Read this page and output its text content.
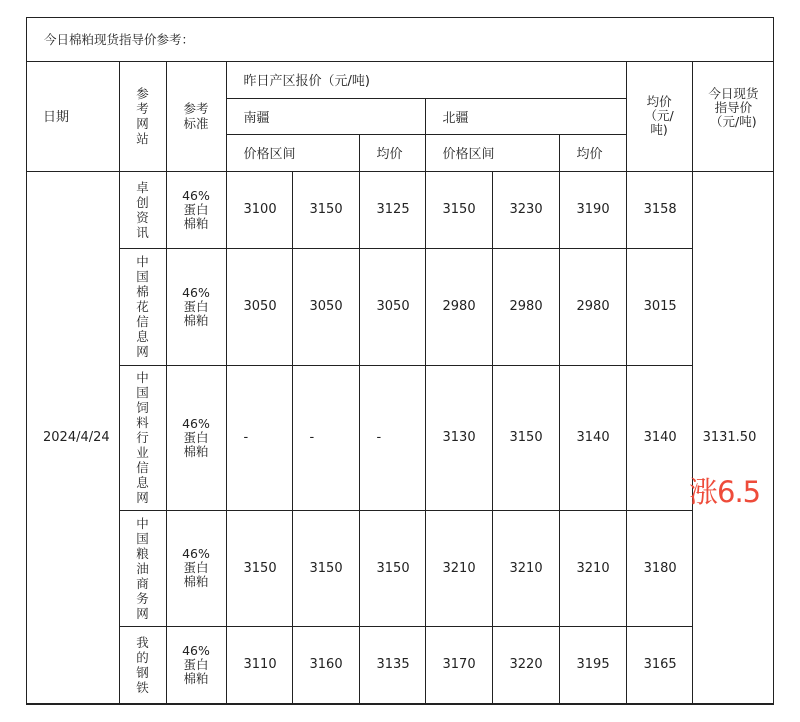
今日棉粕现货指导价参考：
日期	参考网站	参考标准	昨日产区报价（元/吨)						均价（元/吨)	今日现货指导价（元/吨)

			南疆			北疆				
			价格区间		均价	价格区间		均价		
2024/4/24	卓创资讯	46%蛋白棉粕	3100	3150	3125	3150	3230	3190	3158	3131.50

	中国棉花信息网	46%蛋白棉粕	3050	3050	3050	2980	2980	2980	3015	

	中国饲料行业信息网	46%蛋白棉粕	-	-	-	3130	3150	3140	3140	

	中国粮油商务网	46%蛋白棉粕	3150	3150	3150	3210	3210	3210	3180	

	我的钢铁	46%蛋白棉粕	3110	3160	3135	3170	3220	3195	3165	
涨6.5
